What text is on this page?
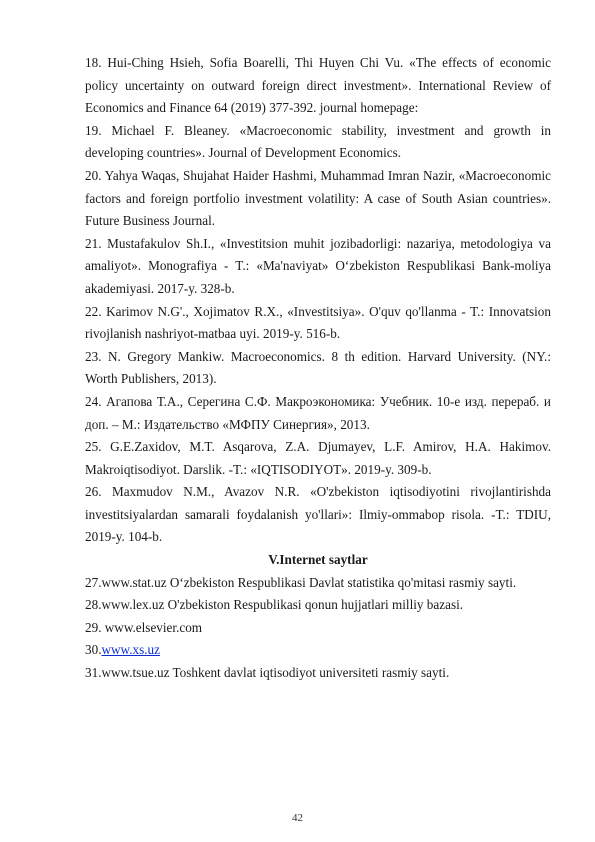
18. Hui-Ching Hsieh, Sofia Boarelli, Thi Huyen Chi Vu. «The effects of economic policy uncertainty on outward foreign direct investment». International Review of Economics and Finance 64 (2019) 377-392. journal homepage:

19. Michael F. Bleaney. «Macroeconomic stability, investment and growth in developing countries». Journal of Development Economics.

20. Yahya Waqas, Shujahat Haider Hashmi, Muhammad Imran Nazir, «Macroeconomic factors and foreign portfolio investment volatility: A case of South Asian countries». Future Business Journal.

21. Mustafakulov Sh.I., «Investitsion muhit jozibadorligi: nazariya, metodologiya va amaliyot». Monografiya - T.: «Ma'naviyat» O‘zbekiston Respublikasi Bank-moliya akademiyasi. 2017-y. 328-b.

22. Karimov N.G'., Xojimatov R.X., «Investitsiya». O'quv qo'llanma - T.: Innovatsion rivojlanish nashriyot-matbaa uyi. 2019-y. 516-b.

23. N. Gregory Mankiw. Macroeconomics. 8 th edition. Harvard University. (NY.: Worth Publishers, 2013).

24. Агапова Т.А., Серегина С.Ф. Макроэкономика: Учебник. 10-е изд. перераб. и доп. – М.: Издательство «МФПУ Синергия», 2013.

25. G.E.Zaxidov, M.T. Asqarova, Z.A. Djumayev, L.F. Amirov, H.A. Hakimov. Makroiqtisodiyot. Darslik. -T.: «IQTISODIYOT». 2019-y. 309-b.

26. Maxmudov N.M., Avazov N.R. «O'zbekiston iqtisodiyotini rivojlantirishda investitsiyalardan samarali foydalanish yo'llari»: Ilmiy-ommabop risola. -T.: TDIU, 2019-y. 104-b.

V.Internet saytlar

27.www.stat.uz O‘zbekiston Respublikasi Davlat statistika qo'mitasi rasmiy sayti.

28.www.lex.uz O'zbekiston Respublikasi qonun hujjatlari milliy bazasi.

29. www.elsevier.com

30.www.xs.uz

31.www.tsue.uz Toshkent davlat iqtisodiyot universiteti rasmiy sayti.

42
